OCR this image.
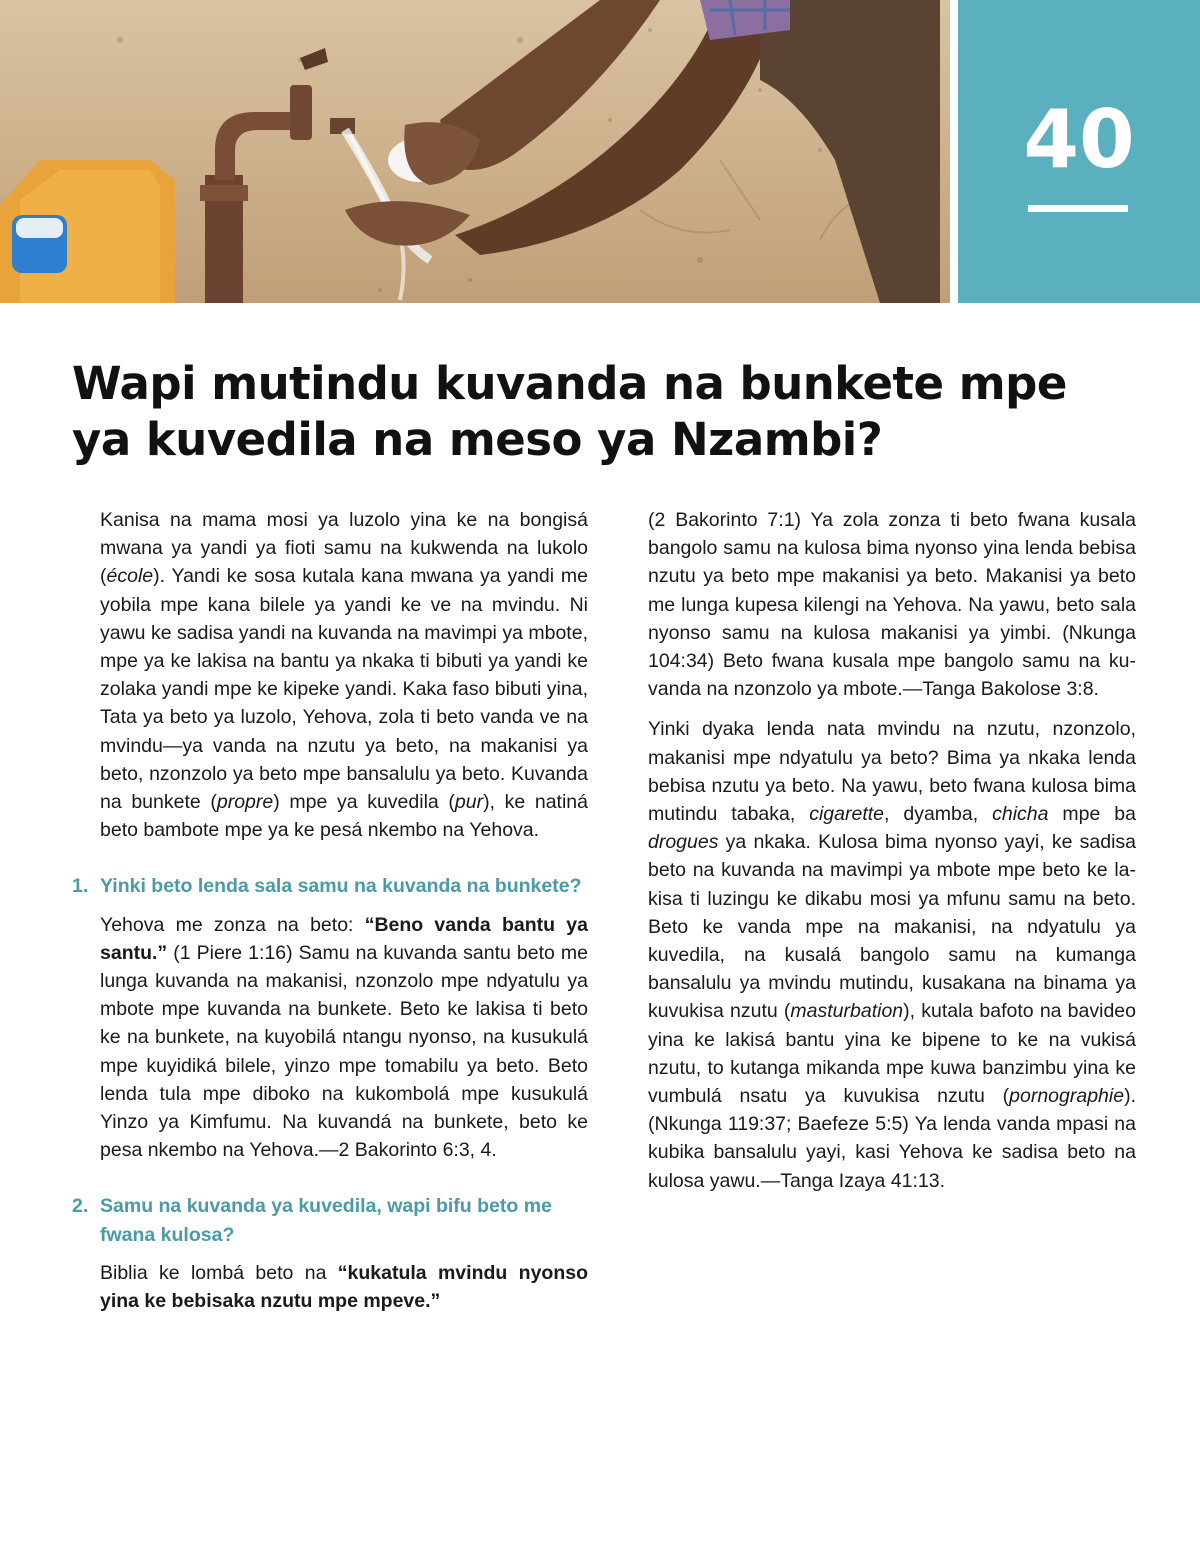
40
Wapi mutindu kuvanda na bunkete mpe ya kuvedila na meso ya Nzambi?

Kanisa na mama mosi ya luzolo yina ke na bongisá mwana ya yandi ya fioti samu na kukwenda na lukolo (école). Yandi ke sosa kutala kana mwana ya yandi me yobila mpe kana bilele ya yandi ke ve na mvindu. Ni yawu ke sadisa yandi na kuvanda na mavimpi ya mbote, mpe ya ke lakisa na bantu ya nkaka ti bibuti ya yandi ke zolaka yandi mpe ke kipeke yandi. Kaka faso bibuti yina, Tata ya beto ya luzolo, Yehova, zola ti beto vanda ve na mvindu—ya vanda na nzutu ya beto, na makanisi ya beto, nzonzolo ya beto mpe bansalulu ya beto. Kuvanda na bunkete (propre) mpe ya kuvedila (pur), ke natiná beto bambote mpe ya ke pesá nkembo na Yehova.

1. Yinki beto lenda sala samu na kuvanda na bunkete?

Yehova me zonza na beto: “Beno vanda bantu ya santu.” (1 Piere 1:16) Samu na kuvanda santu beto me lunga kuvanda na makanisi, nzonzolo mpe ndyatulu ya mbote mpe kuvanda na bunkete. Beto ke lakisa ti beto ke na bunkete, na kuyobilá ntangu nyonso, na kusukulá mpe kuyidiká bilele, yinzo mpe tomabilu ya beto. Beto lenda tula mpe diboko na kukombolá mpe kusukulá Yinzo ya Kimfumu. Na kuvandá na bunkete, beto ke pesa nkembo na Yehova.—2 Bakorinto 6:3, 4.

2. Samu na kuvanda ya kuvedila, wapi bifu beto me fwana kulosa?

Biblia ke lombá beto na “kukatula mvindu nyonso yina ke bebisaka nzutu mpe mpeve.”

(2 Bakorinto 7:1) Ya zola zonza ti beto fwana kusala bangolo samu na kulosa bima nyonso yina lenda bebisa nzutu ya beto mpe makanisi ya beto. Makanisi ya beto me lunga kupesa kilengi na Yehova. Na yawu, beto sala nyonso samu na kulosa makanisi ya yimbi. (Nkunga 104:34) Beto fwana kusala mpe bangolo samu na kuvanda na nzonzolo ya mbote.—Tanga Bakolose 3:8.

Yinki dyaka lenda nata mvindu na nzutu, nzonzolo, makanisi mpe ndyatulu ya beto? Bima ya nkaka lenda bebisa nzutu ya beto. Na yawu, beto fwana kulosa bima mutindu tabaka, cigarette, dyamba, chicha mpe ba drogues ya nkaka. Kulosa bima nyonso yayi, ke sadisa beto na kuvanda na mavimpi ya mbote mpe beto ke lakisa ti luzingu ke dikabu mosi ya mfunu samu na beto. Beto ke vanda mpe na makanisi, na ndyatulu ya kuvedila, na kusalá bangolo samu na kumanga bansalulu ya mvindu mutindu, kusakana na binama ya kuvukisa nzutu (masturbation), kutala bafoto na bavideo yina ke lakisá bantu yina ke bipene to ke na vukisá nzutu, to kutanga mikanda mpe kuwa banzimbu yina ke vumbulá nsatu ya kuvukisa nzutu (pornographie). (Nkunga 119:37; Baefeze 5:5) Ya lenda vanda mpasi na kubika bansalulu yayi, kasi Yehova ke sadisa beto na kulosa yawu.—Tanga Izaya 41:13.
